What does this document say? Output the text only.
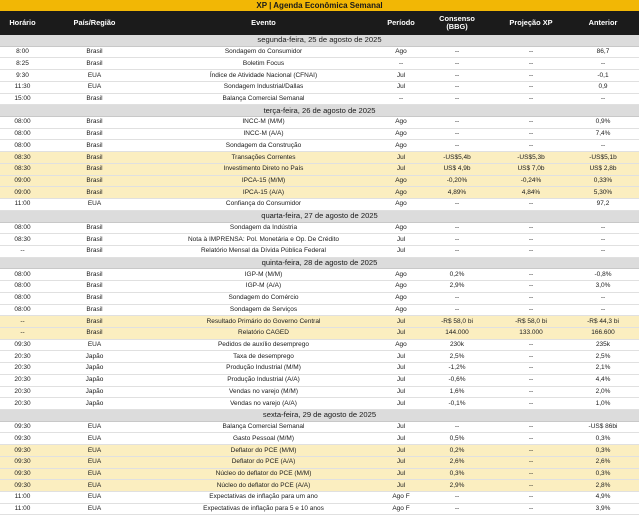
XP | Agenda Econômica Semanal
Horário	País/Região	Evento	Período	Consenso (BBG)	Projeção XP	Anterior
segunda-feira, 25 de agosto de 2025						
8:00	Brasil	Sondagem do Consumidor	Ago	--	--	86,7
8:25	Brasil	Boletim Focus	--	--	--	--
9:30	EUA	Índice de Atividade Nacional (CFNAI)	Jul	--	--	-0,1
11:30	EUA	Sondagem Industrial/Dallas	Jul	--	--	0,9
15:00	Brasil	Balança Comercial Semanal	--	--	--	--
terça-feira, 26 de agosto de 2025						
08:00	Brasil	INCC-M (M/M)	Ago	--	--	0,9%
08:00	Brasil	INCC-M (A/A)	Ago	--	--	7,4%
08:00	Brasil	Sondagem da Construção	Ago	--	--	--
08:30	Brasil	Transações Correntes	Jul	-US$5,4b	-US$5,3b	-US$5,1b
08:30	Brasil	Investimento Direto no País	Jul	US$ 4,9b	US$ 7,0b	US$ 2,8b
09:00	Brasil	IPCA-15 (M/M)	Ago	-0,20%	-0,24%	0,33%
09:00	Brasil	IPCA-15 (A/A)	Ago	4,89%	4,84%	5,30%
11:00	EUA	Confiança do Consumidor	Ago	--	--	97,2
quarta-feira, 27 de agosto de 2025						
08:00	Brasil	Sondagem da Indústria	Ago	--	--	--
08:30	Brasil	Nota à IMPRENSA: Pol. Monetária e Op. De Crédito	Jul	--	--	--
--	Brasil	Relatório Mensal da Dívida Pública Federal	Jul	--	--	--
quinta-feira, 28 de agosto de 2025						
08:00	Brasil	IGP-M (M/M)	Ago	0,2%	--	-0,8%
08:00	Brasil	IGP-M (A/A)	Ago	2,9%	--	3,0%
08:00	Brasil	Sondagem do Comércio	Ago	--	--	--
08:00	Brasil	Sondagem de Serviços	Ago	--	--	--
--	Brasil	Resultado Primário do Governo Central	Jul	-R$ 58,0 bi	-R$ 58,0 bi	-R$ 44,3 bi
--	Brasil	Relatório CAGED	Jul	144.000	133.000	166.600
09:30	EUA	Pedidos de auxílio desemprego	Ago	230k	--	235k
20:30	Japão	Taxa de desemprego	Jul	2,5%	--	2,5%
20:30	Japão	Produção Industrial (M/M)	Jul	-1,2%	--	2,1%
20:30	Japão	Produção Industrial (A/A)	Jul	-0,6%	--	4,4%
20:30	Japão	Vendas no varejo (M/M)	Jul	1,6%	--	2,0%
20:30	Japão	Vendas no varejo (A/A)	Jul	-0,1%	--	1,0%
sexta-feira, 29 de agosto de 2025						
09:30	EUA	Balança Comercial Semanal	Jul	--	--	-US$ 86bi
09:30	EUA	Gasto Pessoal (M/M)	Jul	0,5%	--	0,3%
09:30	EUA	Deflator do PCE (M/M)	Jul	0,2%	--	0,3%
09:30	EUA	Deflator do PCE (A/A)	Jul	2,6%	--	2,6%
09:30	EUA	Núcleo do deflator do PCE (M/M)	Jul	0,3%	--	0,3%
09:30	EUA	Núcleo do deflator do PCE (A/A)	Jul	2,9%	--	2,8%
11:00	EUA	Expectativas de inflação para um ano	Ago F	--	--	4,9%
11:00	EUA	Expectativas de inflação para 5 e 10 anos	Ago F	--	--	3,9%
